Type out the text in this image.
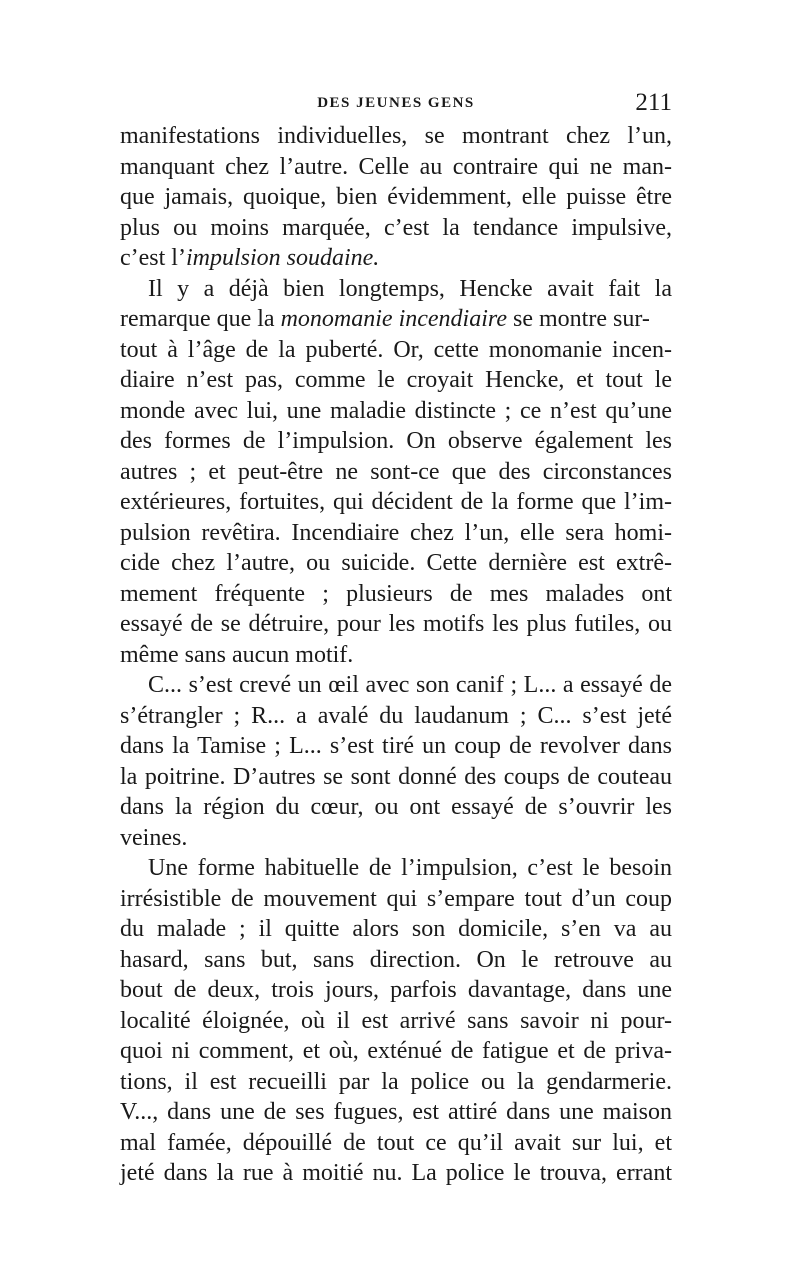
DES JEUNES GENS	211
manifestations individuelles, se montrant chez l’un,
manquant chez l’autre. Celle au contraire qui ne man-
que jamais, quoique, bien évidemment, elle puisse être
plus ou moins marquée, c’est la tendance impulsive,
c’est l’impulsion soudaine.
Il y a déjà bien longtemps, Hencke avait fait la
remarque que la monomanie incendiaire se montre sur-
tout à l’âge de la puberté. Or, cette monomanie incen-
diaire n’est pas, comme le croyait Hencke, et tout le
monde avec lui, une maladie distincte ; ce n’est qu’une
des formes de l’impulsion. On observe également les
autres ; et peut-être ne sont-ce que des circonstances
extérieures, fortuites, qui décident de la forme que l’im-
pulsion revêtira. Incendiaire chez l’un, elle sera homi-
cide chez l’autre, ou suicide. Cette dernière est extrê-
mement fréquente ; plusieurs de mes malades ont
essayé de se détruire, pour les motifs les plus futiles, ou
même sans aucun motif.
C... s’est crevé un œil avec son canif ; L... a essayé de
s’étrangler ; R... a avalé du laudanum ; C... s’est jeté
dans la Tamise ; L... s’est tiré un coup de revolver dans
la poitrine. D’autres se sont donné des coups de couteau
dans la région du cœur, ou ont essayé de s’ouvrir les
veines.
Une forme habituelle de l’impulsion, c’est le besoin
irrésistible de mouvement qui s’empare tout d’un coup
du malade ; il quitte alors son domicile, s’en va au
hasard, sans but, sans direction. On le retrouve au
bout de deux, trois jours, parfois davantage, dans une
localité éloignée, où il est arrivé sans savoir ni pour-
quoi ni comment, et où, exténué de fatigue et de priva-
tions, il est recueilli par la police ou la gendarmerie.
V..., dans une de ses fugues, est attiré dans une maison
mal famée, dépouillé de tout ce qu’il avait sur lui, et
jeté dans la rue à moitié nu. La police le trouva, errant
